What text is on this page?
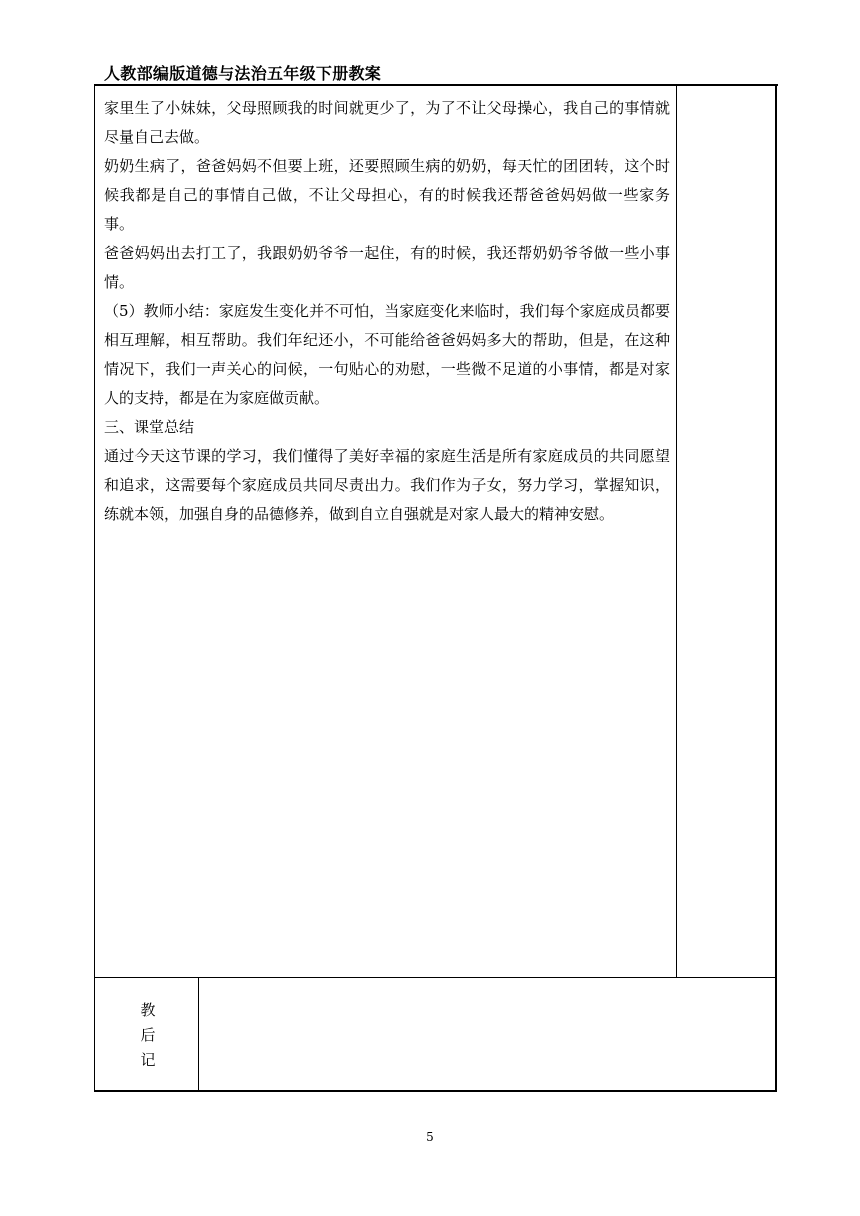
人教部编版道德与法治五年级下册教案

家里生了小妹妹，父母照顾我的时间就更少了，为了不让父母操心，我自己的事情就尽量自己去做。

奶奶生病了，爸爸妈妈不但要上班，还要照顾生病的奶奶，每天忙的团团转，这个时候我都是自己的事情自己做，不让父母担心，有的时候我还帮爸爸妈妈做一些家务事。

爸爸妈妈出去打工了，我跟奶奶爷爷一起住，有的时候，我还帮奶奶爷爷做一些小事情。

（5）教师小结：家庭发生变化并不可怕，当家庭变化来临时，我们每个家庭成员都要相互理解，相互帮助。我们年纪还小，不可能给爸爸妈妈多大的帮助，但是，在这种情况下，我们一声关心的问候，一句贴心的劝慰，一些微不足道的小事情，都是对家人的支持，都是在为家庭做贡献。

三、课堂总结

通过今天这节课的学习，我们懂得了美好幸福的家庭生活是所有家庭成员的共同愿望和追求，这需要每个家庭成员共同尽责出力。我们作为子女，努力学习，掌握知识，练就本领，加强自身的品德修养，做到自立自强就是对家人最大的精神安慰。

教
后
记
5
